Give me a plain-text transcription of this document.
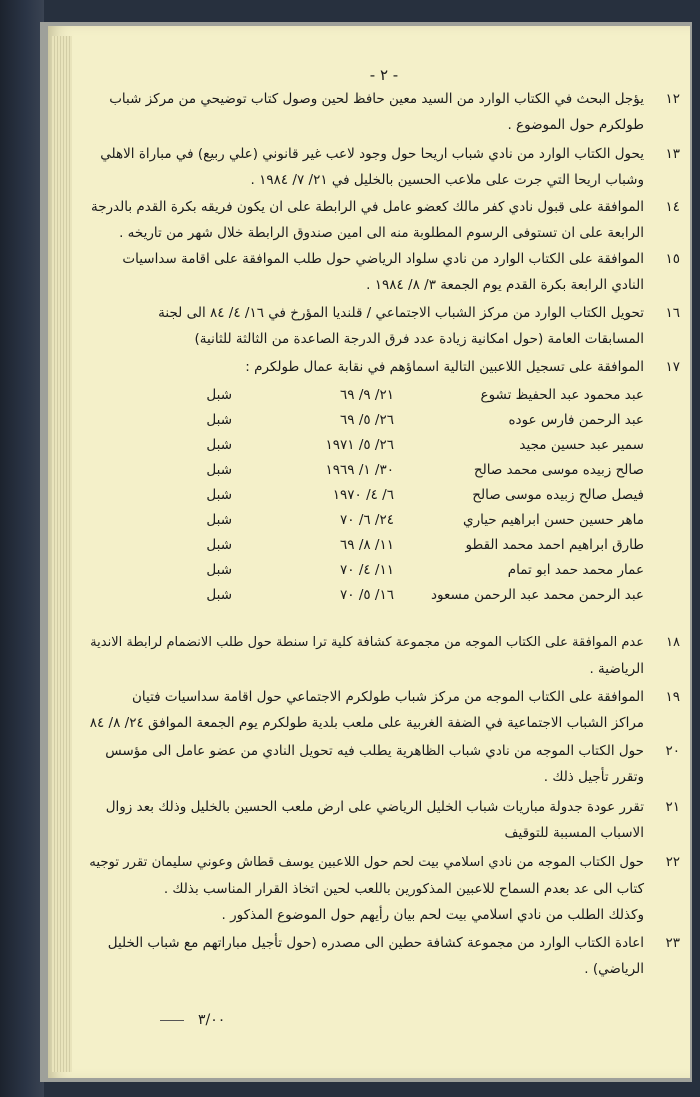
- ٢ -
١٢يؤجل البحث في الكتاب الوارد من السيد معين حافظ لحين وصول كتاب توضيحي من مركز شباب
طولكرم حول الموضوع .
١٣يحول الكتاب الوارد من نادي شباب اريحا حول وجود لاعب غير قانوني (علي ربيع) في مباراة الاهلي
وشباب اريحا التي جرت على ملاعب الحسين بالخليل في ٢١/ ٧/ ١٩٨٤ .
١٤الموافقة على قبول نادي كفر مالك كعضو عامل في الرابطة على ان يكون فريقه بكرة القدم بالدرجة
الرابعة على ان تستوفى الرسوم المطلوبة منه الى امين صندوق الرابطة خلال شهر من تاريخه .
١٥الموافقة على الكتاب الوارد من نادي سلواد الرياضي حول طلب الموافقة على اقامة سداسيات
النادي الرابعة بكرة القدم يوم الجمعة ٣/ ٨/ ١٩٨٤ .
١٦تحويل الكتاب الوارد من مركز الشباب الاجتماعي / قلنديا المؤرخ في ١٦/ ٤/ ٨٤ الى لجنة
المسابقات العامة (حول امكانية زيادة عدد فرق الدرجة الصاعدة من الثالثة للثانية)
١٧الموافقة على تسجيل اللاعبين التالية اسماؤهم في نقابة عمال طولكرم :
عبد محمود عبد الحفيظ تشوع
٢١/ ٩/ ٦٩
شبل
عبد الرحمن فارس عوده
٢٦/ ٥/ ٦٩
شبل
سمير عبد حسين مجيد
٢٦/ ٥/ ١٩٧١
شبل
صالح زبيده موسى محمد صالح
٣٠/ ١/ ١٩٦٩
شبل
فيصل صالح زبيده موسى صالح
٦/ ٤/ ١٩٧٠
شبل
ماهر حسين حسن ابراهيم حياري
٢٤/ ٦/ ٧٠
شبل
طارق ابراهيم احمد محمد القطو
١١/ ٨/ ٦٩
شبل
عمار محمد حمد ابو تمام
١١/ ٤/ ٧٠
شبل
عبد الرحمن محمد عبد الرحمن مسعود
١٦/ ٥/ ٧٠
شبل
١٨عدم الموافقة على الكتاب الموجه من مجموعة كشافة كلية ترا سنطة حول طلب الانضمام لرابطة الاندية
الرياضية .
١٩الموافقة على الكتاب الموجه من مركز شباب طولكرم الاجتماعي حول اقامة سداسيات فتيان
مراكز الشباب الاجتماعية في الضفة الغربية على ملعب بلدية طولكرم يوم الجمعة الموافق ٢٤/ ٨/ ٨٤
٢٠حول الكتاب الموجه من نادي شباب الظاهرية يطلب فيه تحويل النادي من عضو عامل الى مؤسس
وتقرر تأجيل ذلك .
٢١تقرر عودة جدولة مباريات شباب الخليل الرياضي على ارض ملعب الحسين بالخليل وذلك بعد زوال
الاسباب المسببة للتوقيف
٢٢حول الكتاب الموجه من نادي اسلامي بيت لحم حول اللاعبين يوسف قطاش وعوني سليمان تقرر توجيه
كتاب الى عد بعدم السماح للاعبين المذكورين باللعب لحين اتخاذ القرار المناسب بذلك .
وكذلك الطلب من نادي اسلامي بيت لحم بيان رأيهم حول الموضوع المذكور .
٢٣اعادة الكتاب الوارد من مجموعة كشافة حطين الى مصدره (حول تأجيل مباراتهم مع شباب الخليل
الرياضي) .
٣/٠٠
